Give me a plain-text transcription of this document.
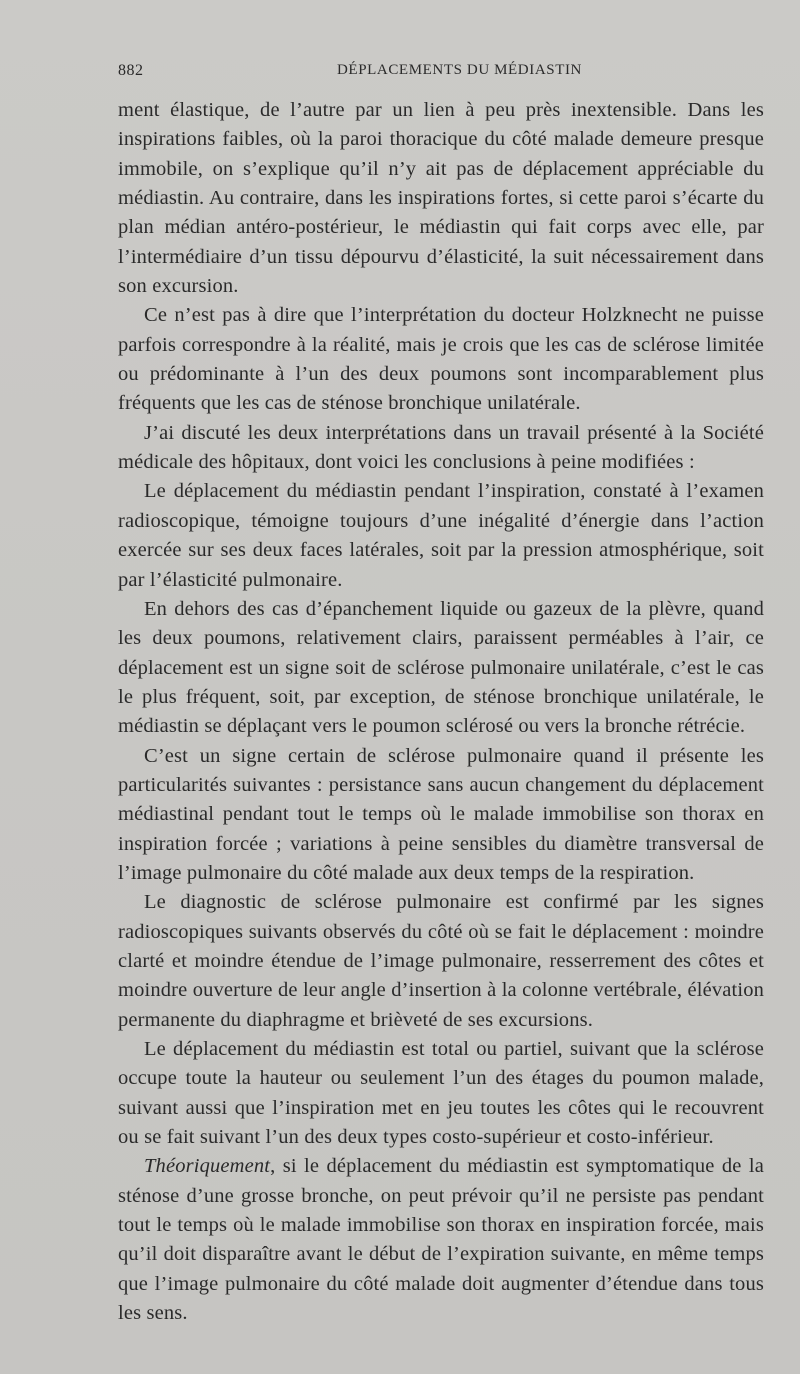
882	DÉPLACEMENTS DU MÉDIASTIN

ment élastique, de l’autre par un lien à peu près inextensible. Dans les inspirations faibles, où la paroi thoracique du côté malade demeure presque immobile, on s’explique qu’il n’y ait pas de déplacement appréciable du médiastin. Au contraire, dans les inspirations fortes, si cette paroi s’écarte du plan médian antéro-postérieur, le médiastin qui fait corps avec elle, par l’intermédiaire d’un tissu dépourvu d’élasticité, la suit nécessairement dans son excursion.

Ce n’est pas à dire que l’interprétation du docteur Holzknecht ne puisse parfois correspondre à la réalité, mais je crois que les cas de sclérose limitée ou prédominante à l’un des deux poumons sont incomparablement plus fréquents que les cas de sténose bronchique unilatérale.

J’ai discuté les deux interprétations dans un travail présenté à la Société médicale des hôpitaux, dont voici les conclusions à peine modifiées :

Le déplacement du médiastin pendant l’inspiration, constaté à l’examen radioscopique, témoigne toujours d’une inégalité d’énergie dans l’action exercée sur ses deux faces latérales, soit par la pression atmosphérique, soit par l’élasticité pulmonaire.

En dehors des cas d’épanchement liquide ou gazeux de la plèvre, quand les deux poumons, relativement clairs, paraissent perméables à l’air, ce déplacement est un signe soit de sclérose pulmonaire unilatérale, c’est le cas le plus fréquent, soit, par exception, de sténose bronchique unilatérale, le médiastin se déplaçant vers le poumon sclérosé ou vers la bronche rétrécie.

C’est un signe certain de sclérose pulmonaire quand il présente les particularités suivantes : persistance sans aucun changement du déplacement médiastinal pendant tout le temps où le malade immobilise son thorax en inspiration forcée ; variations à peine sensibles du diamètre transversal de l’image pulmonaire du côté malade aux deux temps de la respiration.

Le diagnostic de sclérose pulmonaire est confirmé par les signes radioscopiques suivants observés du côté où se fait le déplacement : moindre clarté et moindre étendue de l’image pulmonaire, resserrement des côtes et moindre ouverture de leur angle d’insertion à la colonne vertébrale, élévation permanente du diaphragme et brièveté de ses excursions.

Le déplacement du médiastin est total ou partiel, suivant que la sclérose occupe toute la hauteur ou seulement l’un des étages du poumon malade, suivant aussi que l’inspiration met en jeu toutes les côtes qui le recouvrent ou se fait suivant l’un des deux types costo-supérieur et costo-inférieur.

Théoriquement, si le déplacement du médiastin est symptomatique de la sténose d’une grosse bronche, on peut prévoir qu’il ne persiste pas pendant tout le temps où le malade immobilise son thorax en inspiration forcée, mais qu’il doit disparaître avant le début de l’expiration suivante, en même temps que l’image pulmonaire du côté malade doit augmenter d’étendue dans tous les sens.
